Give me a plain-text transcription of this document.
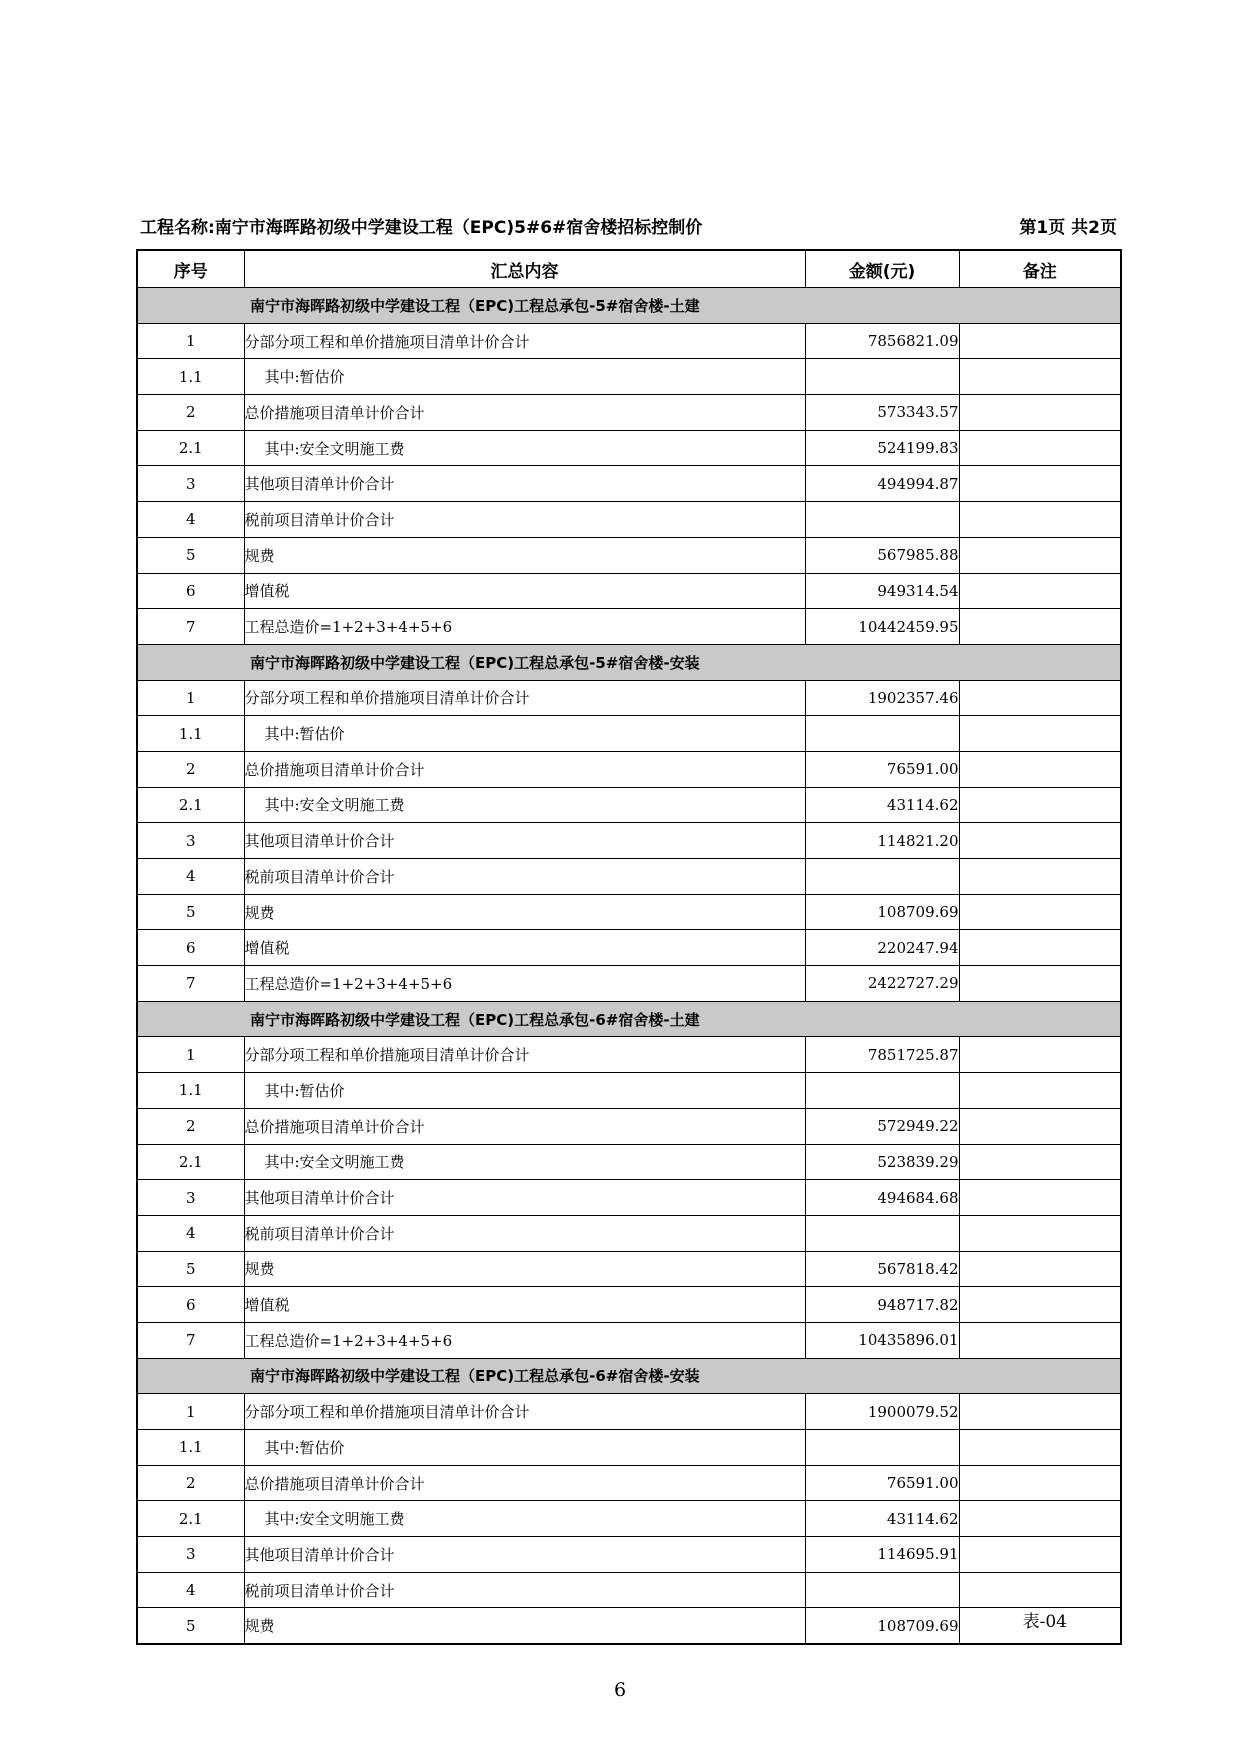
工程名称:南宁市海晖路初级中学建设工程（EPC)5#6#宿舍楼招标控制价	第1页 共2页
序号	汇总内容	金额(元)	备注
南宁市海晖路初级中学建设工程（EPC)工程总承包-5#宿舍楼-土建			
1	分部分项工程和单价措施项目清单计价合计	7856821.09	
1.1	其中:暂估价		
2	总价措施项目清单计价合计	573343.57	
2.1	其中:安全文明施工费	524199.83	
3	其他项目清单计价合计	494994.87	
4	税前项目清单计价合计		
5	规费	567985.88	
6	增值税	949314.54	
7	工程总造价=1+2+3+4+5+6	10442459.95	
南宁市海晖路初级中学建设工程（EPC)工程总承包-5#宿舍楼-安装			
1	分部分项工程和单价措施项目清单计价合计	1902357.46	
1.1	其中:暂估价		
2	总价措施项目清单计价合计	76591.00	
2.1	其中:安全文明施工费	43114.62	
3	其他项目清单计价合计	114821.20	
4	税前项目清单计价合计		
5	规费	108709.69	
6	增值税	220247.94	
7	工程总造价=1+2+3+4+5+6	2422727.29	
南宁市海晖路初级中学建设工程（EPC)工程总承包-6#宿舍楼-土建			
1	分部分项工程和单价措施项目清单计价合计	7851725.87	
1.1	其中:暂估价		
2	总价措施项目清单计价合计	572949.22	
2.1	其中:安全文明施工费	523839.29	
3	其他项目清单计价合计	494684.68	
4	税前项目清单计价合计		
5	规费	567818.42	
6	增值税	948717.82	
7	工程总造价=1+2+3+4+5+6	10435896.01	
南宁市海晖路初级中学建设工程（EPC)工程总承包-6#宿舍楼-安装			
1	分部分项工程和单价措施项目清单计价合计	1900079.52	
1.1	其中:暂估价		
2	总价措施项目清单计价合计	76591.00	
2.1	其中:安全文明施工费	43114.62	
3	其他项目清单计价合计	114695.91	
4	税前项目清单计价合计		
5	规费	108709.69		表-04
6
